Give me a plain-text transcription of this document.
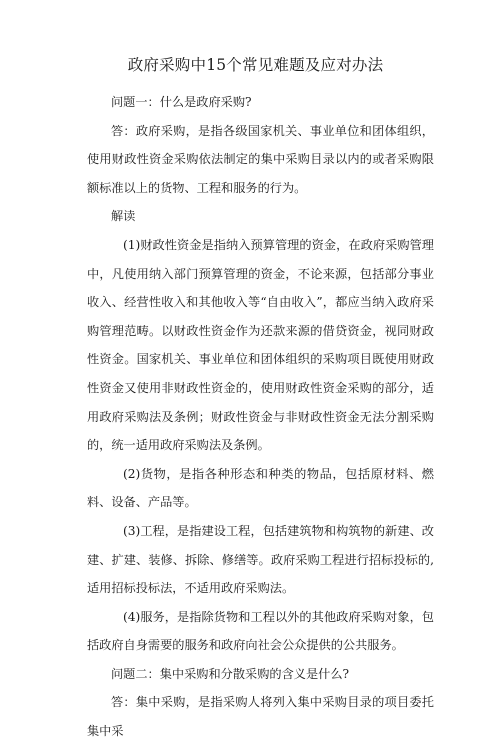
政府采购中15个常见难题及应对办法

问题一：什么是政府采购?

答：政府采购，是指各级国家机关、事业单位和团体组织，使用财政性资金采购依法制定的集中采购目录以内的或者采购限额标准以上的货物、工程和服务的行为。

解读

(1)财政性资金是指纳入预算管理的资金，在政府采购管理中，凡使用纳入部门预算管理的资金，不论来源，包括部分事业收入、经营性收入和其他收入等“自由收入”，都应当纳入政府采购管理范畴。以财政性资金作为还款来源的借贷资金，视同财政性资金。国家机关、事业单位和团体组织的采购项目既使用财政性资金又使用非财政性资金的，使用财政性资金采购的部分，适用政府采购法及条例；财政性资金与非财政性资金无法分割采购的，统一适用政府采购法及条例。

(2)货物，是指各种形态和种类的物品，包括原材料、燃料、设备、产品等。

(3)工程，是指建设工程，包括建筑物和构筑物的新建、改建、扩建、装修、拆除、修缮等。政府采购工程进行招标投标的,适用招标投标法，不适用政府采购法。

(4)服务，是指除货物和工程以外的其他政府采购对象，包括政府自身需要的服务和政府向社会公众提供的公共服务。

问题二：集中采购和分散采购的含义是什么?

答：集中采购，是指采购人将列入集中采购目录的项目委托集中采
